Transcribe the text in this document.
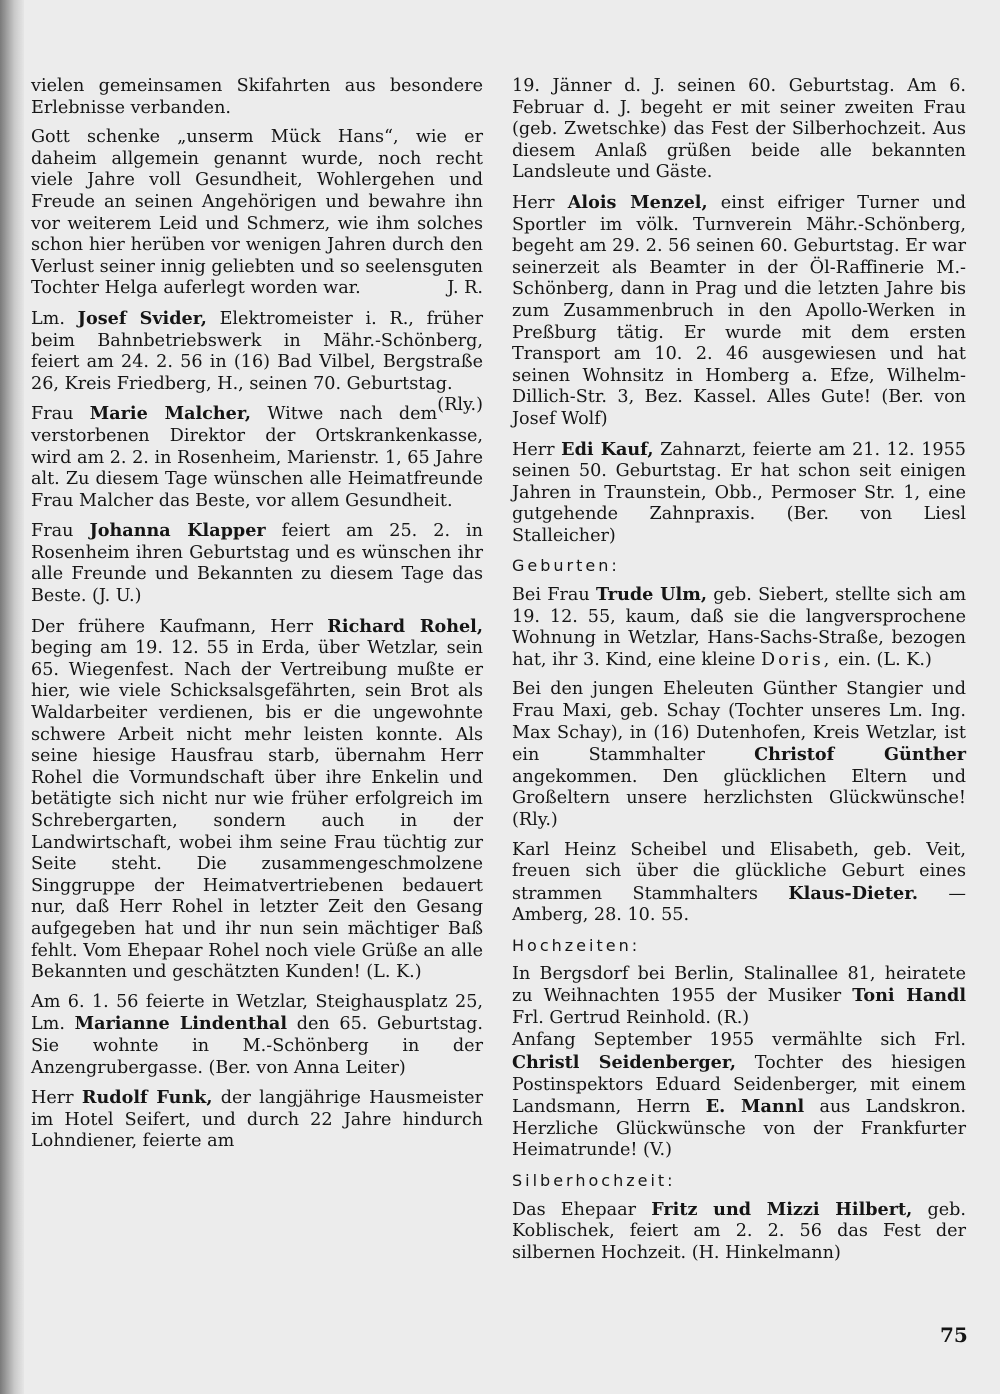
vielen gemeinsamen Skifahrten aus besondere Erlebnisse verbanden.

Gott schenke „unserm Mück Hans“, wie er daheim allgemein genannt wurde, noch recht viele Jahre voll Gesundheit, Wohlergehen und Freude an seinen Angehörigen und bewahre ihn vor weiterem Leid und Schmerz, wie ihm solches schon hier herüben vor wenigen Jahren durch den Verlust seiner innig geliebten und so seelensguten Tochter Helga auferlegt worden war.	J. R.

Lm. Josef Svider, Elektromeister i. R., früher beim Bahnbetriebswerk in Mähr.-Schönberg, feiert am 24. 2. 56 in (16) Bad Vilbel, Bergstraße 26, Kreis Friedberg, H., seinen 70. Geburtstag.
(Rly.)

Frau Marie Malcher, Witwe nach dem verstorbenen Direktor der Ortskrankenkasse, wird am 2. 2. in Rosenheim, Marienstr. 1, 65 Jahre alt. Zu diesem Tage wünschen alle Heimatfreunde Frau Malcher das Beste, vor allem Gesundheit.

Frau Johanna Klapper feiert am 25. 2. in Rosenheim ihren Geburtstag und es wünschen ihr alle Freunde und Bekannten zu diesem Tage das Beste. (J. U.)

Der frühere Kaufmann, Herr Richard Rohel, beging am 19. 12. 55 in Erda, über Wetzlar, sein 65. Wiegenfest. Nach der Vertreibung mußte er hier, wie viele Schicksalsgefährten, sein Brot als Waldarbeiter verdienen, bis er die ungewohnte schwere Arbeit nicht mehr leisten konnte. Als seine hiesige Hausfrau starb, übernahm Herr Rohel die Vormundschaft über ihre Enkelin und betätigte sich nicht nur wie früher erfolgreich im Schrebergarten, sondern auch in der Landwirtschaft, wobei ihm seine Frau tüchtig zur Seite steht. Die zusammengeschmolzene Singgruppe der Heimatvertriebenen bedauert nur, daß Herr Rohel in letzter Zeit den Gesang aufgegeben hat und ihr nun sein mächtiger Baß fehlt. Vom Ehepaar Rohel noch viele Grüße an alle Bekannten und geschätzten Kunden! (L. K.)

Am 6. 1. 56 feierte in Wetzlar, Steighausplatz 25, Lm. Marianne Lindenthal den 65. Geburtstag. Sie wohnte in M.-Schönberg in der Anzengrubergasse. (Ber. von Anna Leiter)

Herr Rudolf Funk, der langjährige Hausmeister im Hotel Seifert, und durch 22 Jahre hindurch Lohndiener, feierte am

19. Jänner d. J. seinen 60. Geburtstag. Am 6. Februar d. J. begeht er mit seiner zweiten Frau (geb. Zwetschke) das Fest der Silberhochzeit. Aus diesem Anlaß grüßen beide alle bekannten Landsleute und Gäste.

Herr Alois Menzel, einst eifriger Turner und Sportler im völk. Turnverein Mähr.-Schönberg, begeht am 29. 2. 56 seinen 60. Geburtstag. Er war seinerzeit als Beamter in der Öl-Raffinerie M.-Schönberg, dann in Prag und die letzten Jahre bis zum Zusammenbruch in den Apollo-Werken in Preßburg tätig. Er wurde mit dem ersten Transport am 10. 2. 46 ausgewiesen und hat seinen Wohnsitz in Homberg a. Efze, Wilhelm-Dillich-Str. 3, Bez. Kassel. Alles Gute! (Ber. von Josef Wolf)

Herr Edi Kauf, Zahnarzt, feierte am 21. 12. 1955 seinen 50. Geburtstag. Er hat schon seit einigen Jahren in Traunstein, Obb., Permoser Str. 1, eine gutgehende Zahnpraxis. (Ber. von Liesl Stalleicher)

Geburten:

Bei Frau Trude Ulm, geb. Siebert, stellte sich am 19. 12. 55, kaum, daß sie die langversprochene Wohnung in Wetzlar, Hans-Sachs-Straße, bezogen hat, ihr 3. Kind, eine kleine Doris, ein. (L. K.)

Bei den jungen Eheleuten Günther Stangier und Frau Maxi, geb. Schay (Tochter unseres Lm. Ing. Max Schay), in (16) Dutenhofen, Kreis Wetzlar, ist ein Stammhalter	Christof Günther angekommen. Den glücklichen Eltern und Großeltern unsere herzlichsten Glückwünsche! (Rly.)

Karl Heinz Scheibel und Elisabeth, geb. Veit, freuen sich über die glückliche Geburt eines strammen Stammhalters Klaus-Dieter. — Amberg, 28. 10. 55.

Hochzeiten:

In Bergsdorf bei Berlin, Stalinallee 81, heiratete zu Weihnachten 1955 der Musiker Toni Handl Frl. Gertrud Reinhold. (R.)

Anfang September 1955 vermählte sich Frl. Christl Seidenberger, Tochter des hiesigen Postinspektors Eduard Seidenberger, mit einem Landsmann, Herrn E. Mannl aus Landskron. Herzliche Glückwünsche von der Frankfurter Heimatrunde! (V.)

Silberhochzeit:

Das Ehepaar Fritz und Mizzi Hilbert, geb. Koblischek, feiert am 2. 2. 56 das Fest der silbernen Hochzeit. (H. Hinkelmann)

75
